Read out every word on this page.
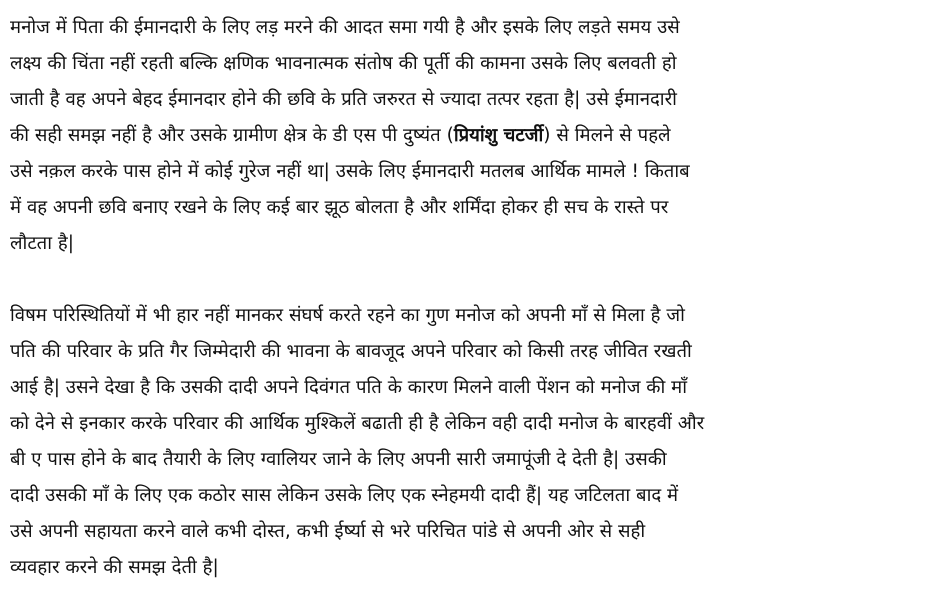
मनोज में पिता की ईमानदारी के लिए लड़ मरने की आदत समा गयी है और इसके लिए लड़ते समय उसे
लक्ष्य की चिंता नहीं रहती बल्कि क्षणिक भावनात्मक संतोष की पूर्ती की कामना उसके लिए बलवती हो
जाती है वह अपने बेहद ईमानदार होने की छवि के प्रति जरुरत से ज्यादा तत्पर रहता है| उसे ईमानदारी
की सही समझ नहीं है और उसके ग्रामीण क्षेत्र के डी एस पी दुष्यंत (प्रियांशु चटर्जी) से मिलने से पहले
उसे नक़ल करके पास होने में कोई गुरेज नहीं था| उसके लिए ईमानदारी मतलब आर्थिक मामले ! किताब
में वह अपनी छवि बनाए रखने के लिए कई बार झूठ बोलता है और शर्मिंदा होकर ही सच के रास्ते पर
लौटता है|
विषम परिस्थितियों में भी हार नहीं मानकर संघर्ष करते रहने का गुण मनोज को अपनी माँ से मिला है जो
पति की परिवार के प्रति गैर जिम्मेदारी की भावना के बावजूद अपने परिवार को किसी तरह जीवित रखती
आई है| उसने देखा है कि उसकी दादी अपने दिवंगत पति के कारण मिलने वाली पेंशन को मनोज की माँ
को देने से इनकार करके परिवार की आर्थिक मुश्किलें बढाती ही है लेकिन वही दादी मनोज के बारहवीं और
बी ए पास होने के बाद तैयारी के लिए ग्वालियर जाने के लिए अपनी सारी जमापूंजी दे देती है| उसकी
दादी उसकी माँ के लिए एक कठोर सास लेकिन उसके लिए एक स्नेहमयी दादी हैं| यह जटिलता बाद में
उसे अपनी सहायता करने वाले कभी दोस्त, कभी ईर्ष्या से भरे परिचित पांडे से अपनी ओर से सही
व्यवहार करने की समझ देती है|
